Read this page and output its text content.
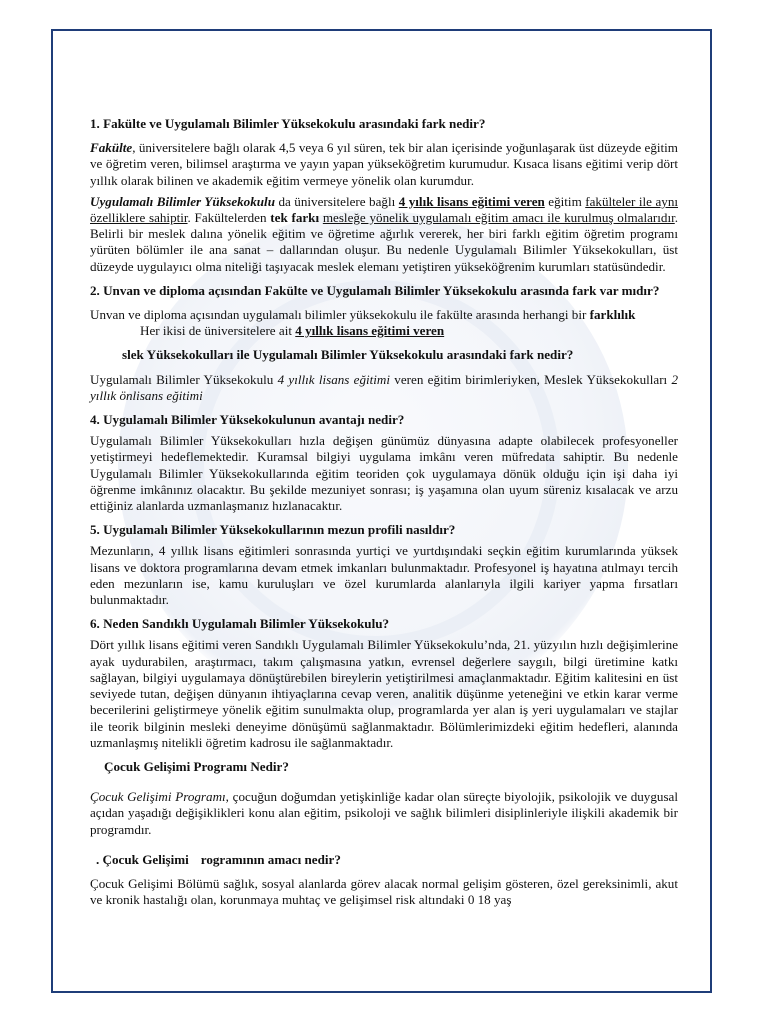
1. Fakülte ve Uygulamalı Bilimler Yüksekokulu arasındaki fark nedir?

Fakülte, üniversitelere bağlı olarak 4,5 veya 6 yıl süren, tek bir alan içerisinde yoğunlaşarak üst düzeyde eğitim ve öğretim veren, bilimsel araştırma ve yayın yapan yükseköğretim kurumudur. Kısaca lisans eğitimi verip dört yıllık olarak bilinen ve akademik eğitim vermeye yönelik olan kurumdur.

Uygulamalı Bilimler Yüksekokulu da üniversitelere bağlı 4 yılık lisans eğitimi veren eğitim fakülteler ile aynı özelliklere sahiptir. Fakültelerden tek farkı mesleğe yönelik uygulamalı eğitim amacı ile kurulmuş olmalarıdır. Belirli bir meslek dalına yönelik eğitim ve öğretime ağırlık vererek, her biri farklı eğitim öğretim programı yürüten bölümler ile ana sanat – dallarından oluşur. Bu nedenle Uygulamalı Bilimler Yüksekokulları, üst düzeyde uygulayıcı olma niteliği taşıyacak meslek elemanı yetiştiren yükseköğrenim kurumları statüsündedir.

2. Unvan ve diploma açısından Fakülte ve Uygulamalı Bilimler Yüksekokulu arasında fark var mıdır?

Unvan ve diploma açısından uygulamalı bilimler yüksekokulu ile fakülte arasında herhangi bir farklılık

Her ikisi de üniversitelere ait 4 yıllık lisans eğitimi veren

slek Yüksekokulları ile Uygulamalı Bilimler Yüksekokulu arasındaki fark nedir?

Uygulamalı Bilimler Yüksekokulu 4 yıllık lisans eğitimi veren eğitim birimleriyken, Meslek Yüksekokulları 2 yıllık önlisans eğitimi

4. Uygulamalı Bilimler Yüksekokulunun avantajı nedir?

Uygulamalı Bilimler Yüksekokulları hızla değişen günümüz dünyasına adapte olabilecek profesyoneller yetiştirmeyi hedeflemektedir. Kuramsal bilgiyi uygulama imkânı veren müfredata sahiptir. Bu nedenle Uygulamalı Bilimler Yüksekokullarında eğitim teoriden çok uygulamaya dönük olduğu için işi daha iyi öğrenme imkânınız olacaktır. Bu şekilde mezuniyet sonrası; iş yaşamına olan uyum süreniz kısalacak ve arzu ettiğiniz alanlarda uzmanlaşmanız hızlanacaktır.

5. Uygulamalı Bilimler Yüksekokullarının mezun profili nasıldır?

Mezunların, 4 yıllık lisans eğitimleri sonrasında yurtiçi ve yurtdışındaki seçkin eğitim kurumlarında yüksek lisans ve doktora programlarına devam etmek imkanları bulunmaktadır. Profesyonel iş hayatına atılmayı tercih eden mezunların ise, kamu kuruluşları ve özel kurumlarda alanlarıyla ilgili kariyer yapma fırsatları bulunmaktadır.

6. Neden Sandıklı Uygulamalı Bilimler Yüksekokulu?

Dört yıllık lisans eğitimi veren Sandıklı Uygulamalı Bilimler Yüksekokulu’nda, 21. yüzyılın hızlı değişimlerine ayak uydurabilen, araştırmacı, takım çalışmasına yatkın, evrensel değerlere saygılı, bilgi üretimine katkı sağlayan, bilgiyi uygulamaya dönüştürebilen bireylerin yetiştirilmesi amaçlanmaktadır. Eğitim kalitesini en üst seviyede tutan, değişen dünyanın ihtiyaçlarına cevap veren, analitik düşünme yeteneğini ve etkin karar verme becerilerini geliştirmeye yönelik eğitim sunulmakta olup, programlarda yer alan iş yeri uygulamaları ve stajlar ile teorik bilginin mesleki deneyime dönüşümü sağlanmaktadır. Bölümlerimizdeki eğitim hedefleri, alanında uzmanlaşmış nitelikli öğretim kadrosu ile sağlanmaktadır.

Çocuk Gelişimi Programı Nedir?

Çocuk Gelişimi Programı, çocuğun doğumdan yetişkinliğe kadar olan süreçte biyolojik, psikolojik ve duygusal açıdan yaşadığı değişiklikleri konu alan eğitim, psikoloji ve sağlık bilimleri disiplinleriyle ilişkili akademik bir programdır.

. Çocuk Gelişimi rogramının amacı nedir?

Çocuk Gelişimi Bölümü sağlık, sosyal alanlarda görev alacak normal gelişim gösteren, özel gereksinimli, akut ve kronik hastalığı olan, korunmaya muhtaç ve gelişimsel risk altındaki 0 18 yaş
